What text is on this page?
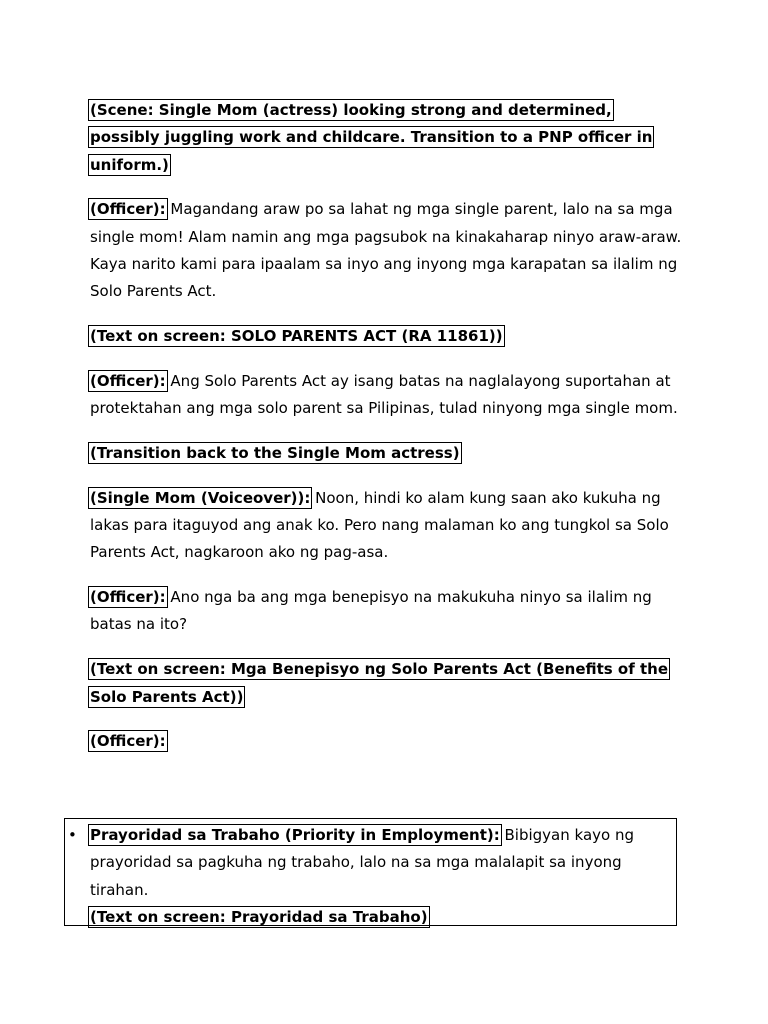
(Scene: Single Mom (actress) looking strong and determined, possibly juggling work and childcare. Transition to a PNP officer in uniform.)

(Officer): Magandang araw po sa lahat ng mga single parent, lalo na sa mga single mom! Alam namin ang mga pagsubok na kinakaharap ninyo araw-araw. Kaya narito kami para ipaalam sa inyo ang inyong mga karapatan sa ilalim ng Solo Parents Act.

(Text on screen: SOLO PARENTS ACT (RA 11861))

(Officer): Ang Solo Parents Act ay isang batas na naglalayong suportahan at protektahan ang mga solo parent sa Pilipinas, tulad ninyong mga single mom.

(Transition back to the Single Mom actress)

(Single Mom (Voiceover)): Noon, hindi ko alam kung saan ako kukuha ng lakas para itaguyod ang anak ko. Pero nang malaman ko ang tungkol sa Solo Parents Act, nagkaroon ako ng pag-asa.

(Officer): Ano nga ba ang mga benepisyo na makukuha ninyo sa ilalim ng batas na ito?

(Text on screen: Mga Benepisyo ng Solo Parents Act (Benefits of the Solo Parents Act))

(Officer):

• Prayoridad sa Trabaho (Priority in Employment): Bibigyan kayo ng prayoridad sa pagkuha ng trabaho, lalo na sa mga malalapit sa inyong tirahan.
(Text on screen: Prayoridad sa Trabaho)
